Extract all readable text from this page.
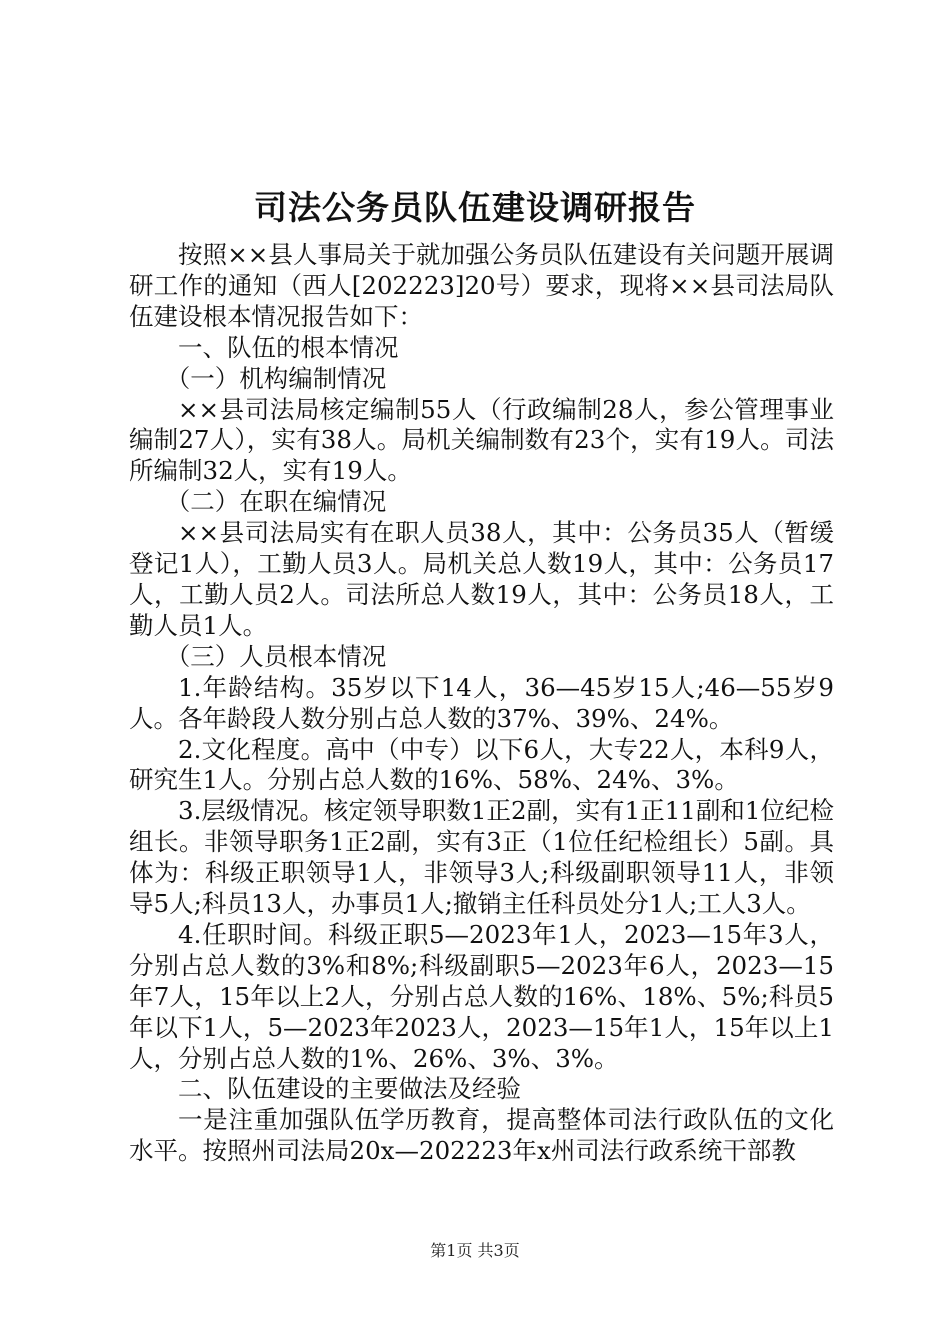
司法公务员队伍建设调研报告

按照××县人事局关于就加强公务员队伍建设有关问题开展调研工作的通知（西人[202223]20号）要求，现将××县司法局队伍建设根本情况报告如下：

一、队伍的根本情况

（一）机构编制情况

××县司法局核定编制55人（行政编制28人，参公管理事业编制27人），实有38人。局机关编制数有23个，实有19人。司法所编制32人，实有19人。

（二）在职在编情况

××县司法局实有在职人员38人，其中：公务员35人（暂缓登记1人），工勤人员3人。局机关总人数19人，其中：公务员17人，工勤人员2人。司法所总人数19人，其中：公务员18人，工勤人员1人。

（三）人员根本情况

1.年龄结构。35岁以下14人，36—45岁15人;46—55岁9人。各年龄段人数分别占总人数的37%、39%、24%。

2.文化程度。高中（中专）以下6人，大专22人，本科9人，研究生1人。分别占总人数的16%、58%、24%、3%。

3.层级情况。核定领导职数1正2副，实有1正11副和1位纪检组长。非领导职务1正2副，实有3正（1位任纪检组长）5副。具体为：科级正职领导1人，非领导3人;科级副职领导11人，非领导5人;科员13人，办事员1人;撤销主任科员处分1人;工人3人。

4.任职时间。科级正职5—2023年1人，2023—15年3人，分别占总人数的3%和8%;科级副职5—2023年6人，2023—15年7人，15年以上2人，分别占总人数的16%、18%、5%;科员5年以下1人，5—2023年2023人，2023—15年1人，15年以上1人，分别占总人数的1%、26%、3%、3%。

二、队伍建设的主要做法及经验

一是注重加强队伍学历教育，提高整体司法行政队伍的文化水平。按照州司法局20x—202223年x州司法行政系统干部教

第1页 共3页
